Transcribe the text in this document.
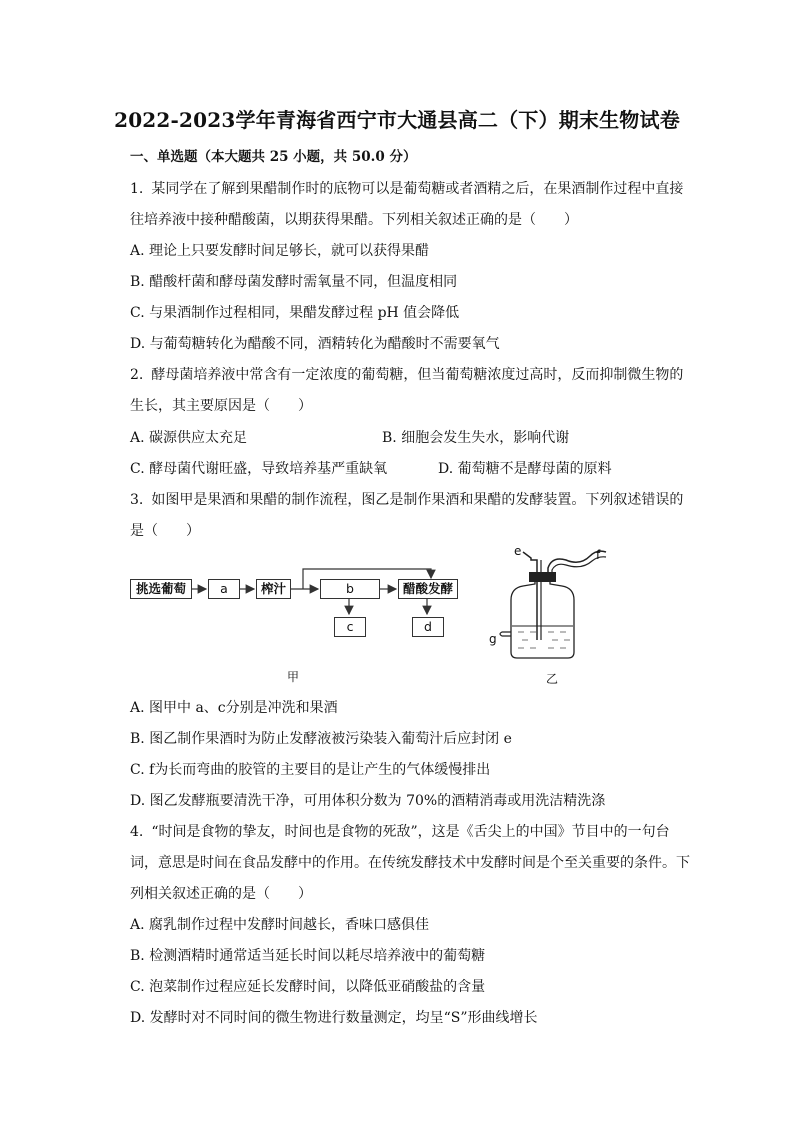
2022-2023学年青海省西宁市大通县高二（下）期末生物试卷
一、单选题（本大题共 25 小题，共 50.0 分）
1. 某同学在了解到果醋制作时的底物可以是葡萄糖或者酒精之后，在果酒制作过程中直接
往培养液中接种醋酸菌，以期获得果醋。下列相关叙述正确的是（　　）
A. 理论上只要发酵时间足够长，就可以获得果醋
B. 醋酸杆菌和酵母菌发酵时需氧量不同，但温度相同
C. 与果酒制作过程相同，果醋发酵过程 pH 值会降低
D. 与葡萄糖转化为醋酸不同，酒精转化为醋酸时不需要氧气
2. 酵母菌培养液中常含有一定浓度的葡萄糖，但当葡萄糖浓度过高时，反而抑制微生物的
生长，其主要原因是（　　）
A. 碳源供应太充足	B. 细胞会发生失水，影响代谢
C. 酵母菌代谢旺盛，导致培养基严重缺氧	D. 葡萄糖不是酵母菌的原料
3. 如图甲是果酒和果醋的制作流程，图乙是制作果酒和果醋的发酵装置。下列叙述错误的
是（　　）
挑选葡萄	a	榨汁	b	醋酸发酵
c	d
甲
e	f
g
乙
A. 图甲中 a、c分别是冲洗和果酒
B. 图乙制作果酒时为防止发酵液被污染装入葡萄汁后应封闭 e
C. f为长而弯曲的胶管的主要目的是让产生的气体缓慢排出
D. 图乙发酵瓶要清洗干净，可用体积分数为 70%的酒精消毒或用洗洁精洗涤
4. “时间是食物的挚友，时间也是食物的死敌”，这是《舌尖上的中国》节目中的一句台
词，意思是时间在食品发酵中的作用。在传统发酵技术中发酵时间是个至关重要的条件。下
列相关叙述正确的是（　　）
A. 腐乳制作过程中发酵时间越长，香味口感俱佳
B. 检测酒精时通常适当延长时间以耗尽培养液中的葡萄糖
C. 泡菜制作过程应延长发酵时间，以降低亚硝酸盐的含量
D. 发酵时对不同时间的微生物进行数量测定，均呈“S”形曲线增长
